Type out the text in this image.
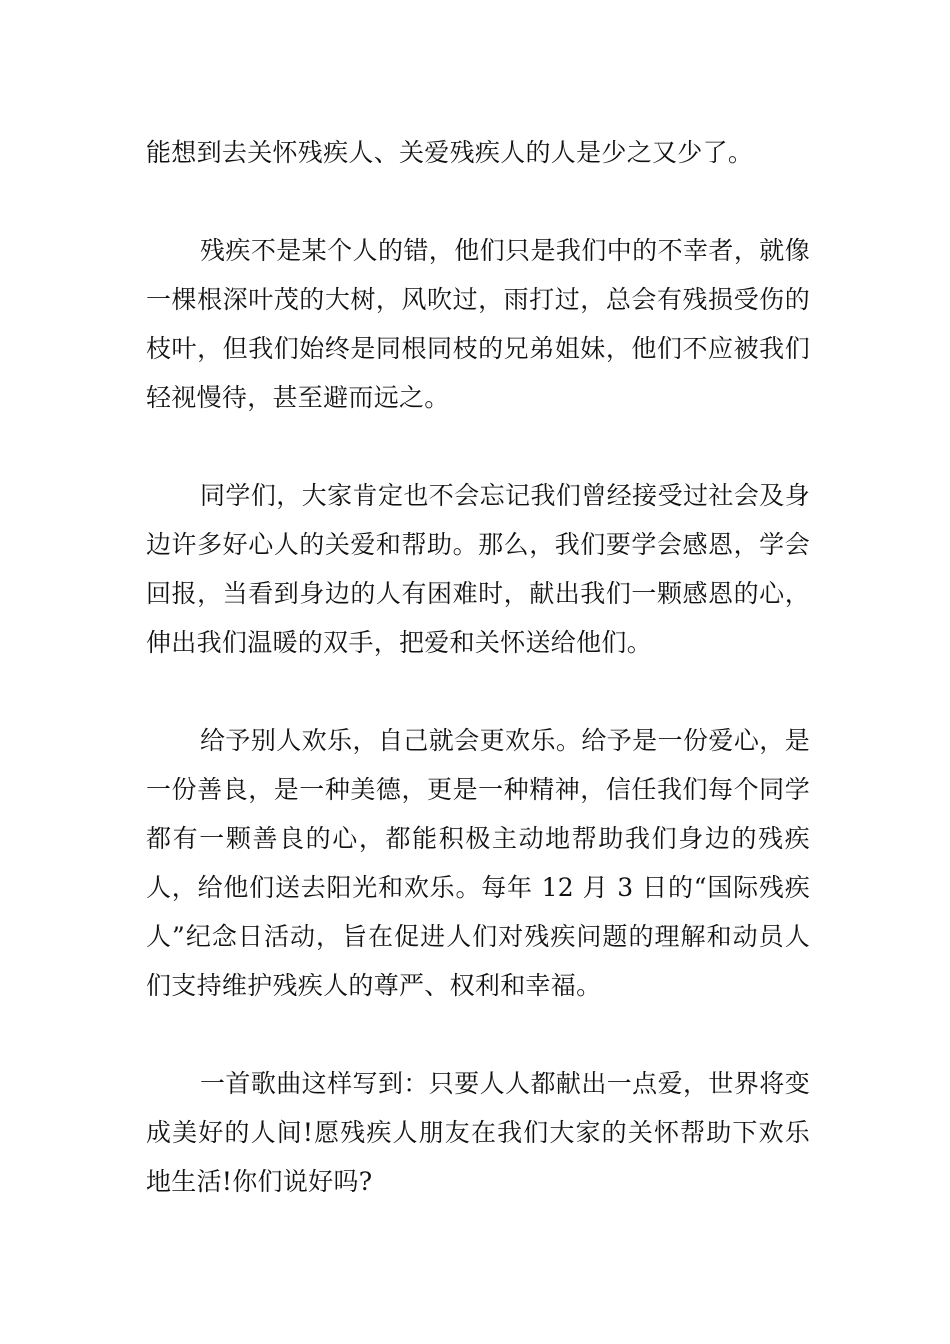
能想到去关怀残疾人、关爱残疾人的人是少之又少了。

残疾不是某个人的错，他们只是我们中的不幸者，就像一棵根深叶茂的大树，风吹过，雨打过，总会有残损受伤的枝叶，但我们始终是同根同枝的兄弟姐妹，他们不应被我们轻视慢待，甚至避而远之。

同学们，大家肯定也不会忘记我们曾经接受过社会及身边许多好心人的关爱和帮助。那么，我们要学会感恩，学会回报，当看到身边的人有困难时，献出我们一颗感恩的心，伸出我们温暖的双手，把爱和关怀送给他们。

给予别人欢乐，自己就会更欢乐。给予是一份爱心，是一份善良，是一种美德，更是一种精神，信任我们每个同学都有一颗善良的心，都能积极主动地帮助我们身边的残疾人，给他们送去阳光和欢乐。每年 12 月 3 日的“国际残疾人”纪念日活动，旨在促进人们对残疾问题的理解和动员人们支持维护残疾人的尊严、权利和幸福。

一首歌曲这样写到：只要人人都献出一点爱，世界将变成美好的人间!愿残疾人朋友在我们大家的关怀帮助下欢乐地生活!你们说好吗?
